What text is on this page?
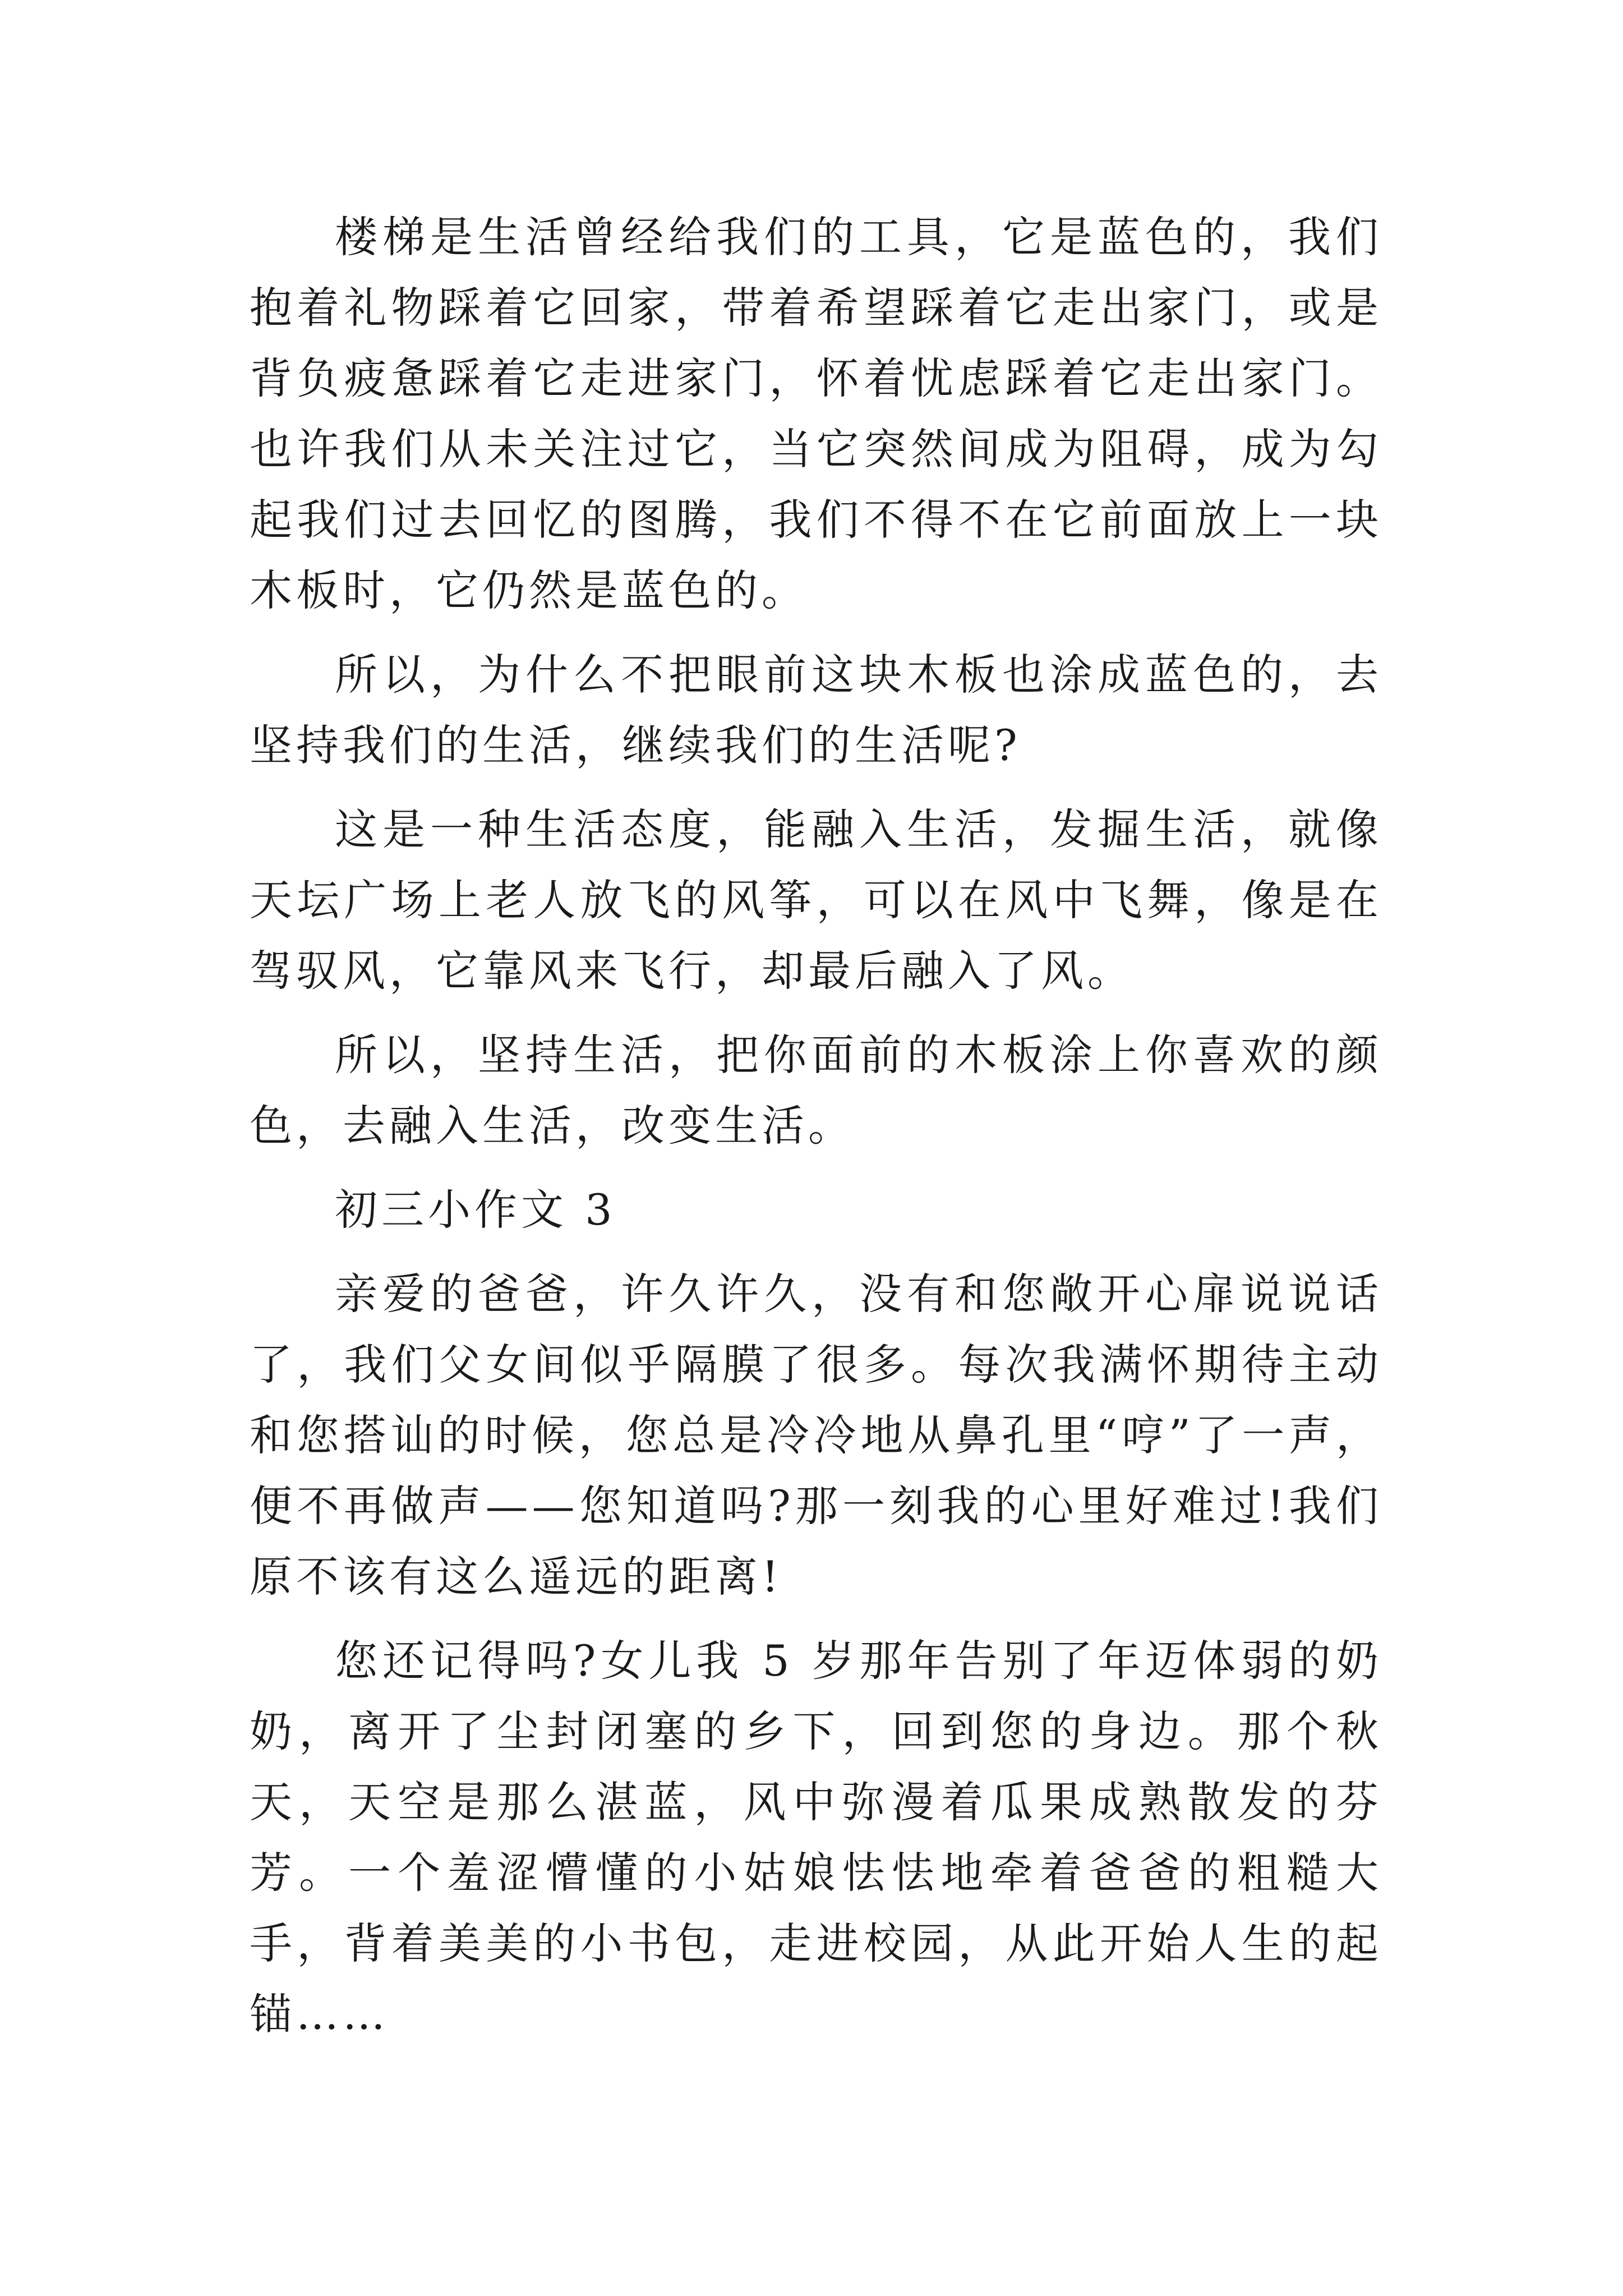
楼梯是生活曾经给我们的工具，它是蓝色的，我们抱着礼物踩着它回家，带着希望踩着它走出家门，或是背负疲惫踩着它走进家门，怀着忧虑踩着它走出家门。也许我们从未关注过它，当它突然间成为阻碍，成为勾起我们过去回忆的图腾，我们不得不在它前面放上一块木板时，它仍然是蓝色的。

所以，为什么不把眼前这块木板也涂成蓝色的，去坚持我们的生活，继续我们的生活呢?

这是一种生活态度，能融入生活，发掘生活，就像天坛广场上老人放飞的风筝，可以在风中飞舞，像是在驾驭风，它靠风来飞行，却最后融入了风。

所以，坚持生活，把你面前的木板涂上你喜欢的颜色，去融入生活，改变生活。

初三小作文 3

亲爱的爸爸，许久许久，没有和您敞开心扉说说话了，我们父女间似乎隔膜了很多。每次我满怀期待主动和您搭讪的时候，您总是冷冷地从鼻孔里“哼”了一声，便不再做声——您知道吗?那一刻我的心里好难过!我们原不该有这么遥远的距离!

您还记得吗?女儿我 5 岁那年告别了年迈体弱的奶奶，离开了尘封闭塞的乡下，回到您的身边。那个秋天，天空是那么湛蓝，风中弥漫着瓜果成熟散发的芬芳。一个羞涩懵懂的小姑娘怯怯地牵着爸爸的粗糙大手，背着美美的小书包，走进校园，从此开始人生的起锚……
